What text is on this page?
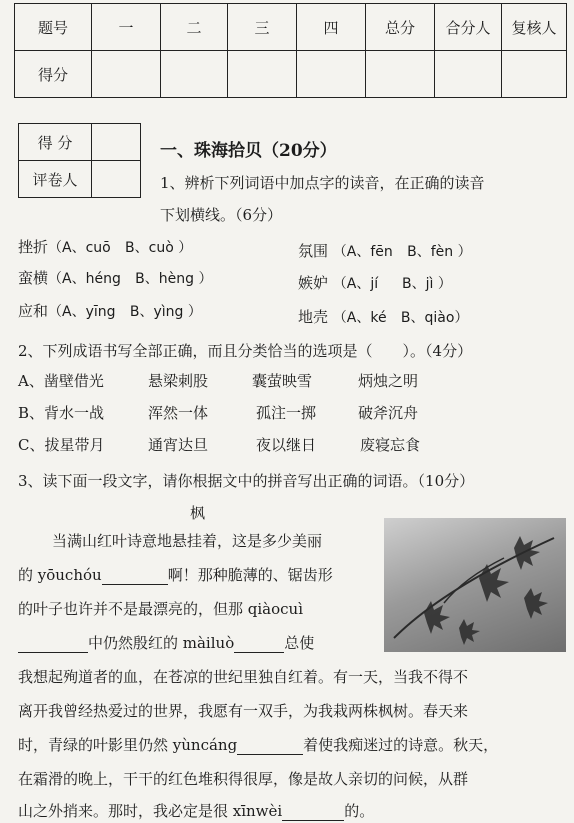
题号	一	二	三	四	总分	合分人	复核人
得分							
得 分	
评卷人	
一、珠海拾贝（20分）
1、辨析下列词语中加点字的读音，在正确的读音
下划横线。（6分）
挫折（A、cuō B、cuò ）	氛围 （A、fēn B、fèn ）
蛮横（A、héng B、hèng ）	嫉妒 （A、jí B、jì ）
应和（A、yīng B、yìng ）	地壳 （A、ké B、qiào）
2、下列成语书写全部正确，而且分类恰当的选项是（　　）。（4分）
A、凿壁借光	悬梁刺股	囊萤映雪	炳烛之明
B、背水一战	浑然一体	孤注一掷	破斧沉舟
C、拔星带月	通宵达旦	夜以继日	废寝忘食
3、读下面一段文字，请你根据文中的拼音写出正确的词语。（10分）
枫
当满山红叶诗意地悬挂着，这是多少美丽
的 yōuchóu	啊！那种脆薄的、锯齿形
的叶子也许并不是最漂亮的，但那 qiàocuì
中仍然殷红的 màiluò	总使
我想起殉道者的血，在苍凉的世纪里独自红着。有一天，当我不得不
离开我曾经热爱过的世界，我愿有一双手，为我栽两株枫树。春天来
时，青绿的叶影里仍然 yùncáng	着使我痴迷过的诗意。秋天，
在霜滑的晚上，干干的红色堆积得很厚，像是故人亲切的问候，从群
山之外捎来。那时，我必定是很 xīnwèi	的。
